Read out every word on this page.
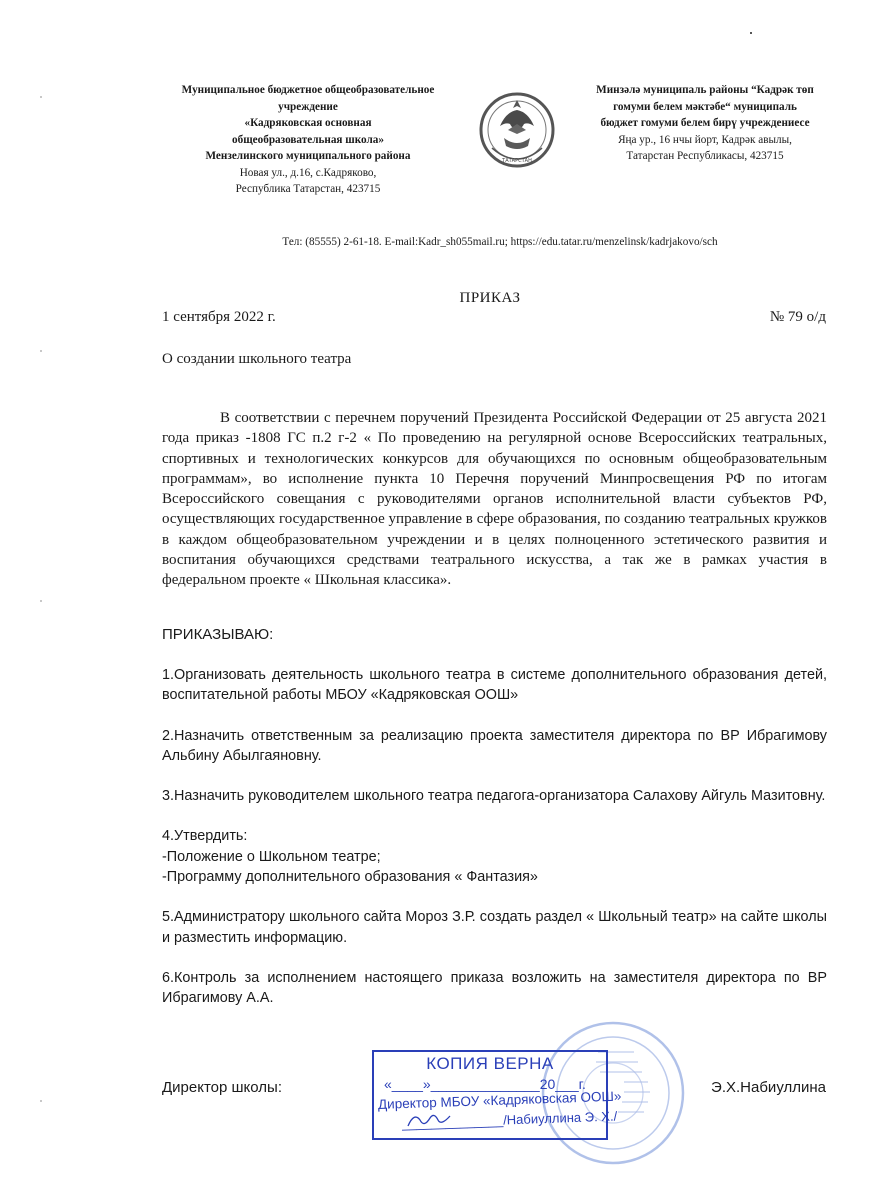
Муниципальное бюджетное общеобразовательное
учреждение
«Кадряковская основная
общеобразовательная школа»
Мензелинского муниципального района
Новая ул., д.16, с.Кадряково,
Республика Татарстан, 423715
ТАТАРСТАН
Минзәлә муниципаль районы “Кадрәк төп
гомуми белем мәктәбе“ муниципаль
бюджет гомуми белем бирү учреждениесе
Яңа ур., 16 нчы йорт, Кадрәк авылы,
Татарстан Республикасы, 423715
Тел: (85555) 2-61-18. E-mail:Kadr_sh055mail.ru; https://edu.tatar.ru/menzelinsk/kadrjakovo/sch
ПРИКАЗ
1 сентября 2022 г.	№ 79 о/д
О создании школьного театра
В соответствии с перечнем поручений Президента Российской Федерации от 25 августа 2021 года приказ -1808 ГС п.2 г-2 « По проведению на регулярной основе Всероссийских театральных, спортивных и технологических конкурсов для обучающихся по основным общеобразовательным программам», во исполнение пункта 10 Перечня поручений Минпросвещения РФ по итогам Всероссийского совещания с руководителями органов исполнительной власти субъектов РФ, осуществляющих государственное управление в сфере образования, по созданию театральных кружков в каждом общеобразовательном учреждении и в целях полноценного эстетического развития и воспитания обучающихся средствами театрального искусства, а так же в рамках участия в федеральном проекте « Школьная классика».
ПРИКАЗЫВАЮ:

1.Организовать деятельность школьного театра в системе дополнительного образования детей, воспитательной работы МБОУ «Кадряковская ООШ»

2.Назначить ответственным за реализацию проекта заместителя директора по ВР Ибрагимову Альбину Абылгаяновну.

3.Назначить руководителем школьного театра педагога-организатора Салахову Айгуль Мазитовну.

4.Утвердить:

-Положение о Школьном театре;

-Программу дополнительного образования « Фантазия»

5.Администратору школьного сайта Мороз З.Р. создать раздел « Школьный театр» на сайте школы и разместить информацию.

6.Контроль за исполнением настоящего приказа возложить на заместителя директора по ВР Ибрагимову А.А.

Директор школы:	Э.Х.Набиуллина
КОПИЯ ВЕРНА
«____»______________20___г.
Директор МБОУ «Кадряковская ООШ»
______________/Набиуллина Э. Х./
